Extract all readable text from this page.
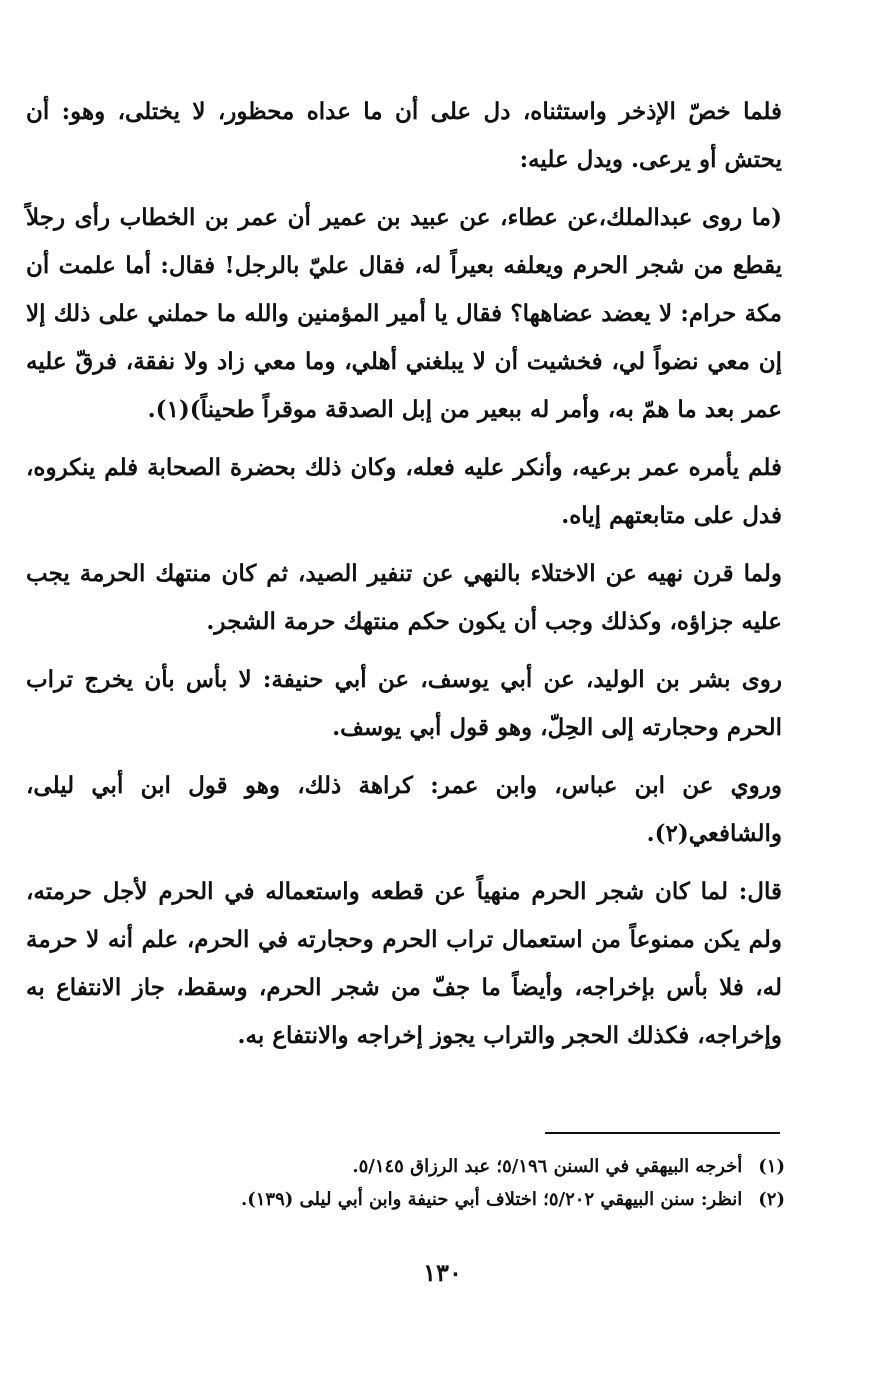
فلما خصّ الإذخر واستثناه، دل على أن ما عداه محظور، لا يختلى، وهو: أن يحتش أو يرعى. ويدل عليه:

(ما روى عبدالملك،عن عطاء، عن عبيد بن عمير أن عمر بن الخطاب رأى رجلاً يقطع من شجر الحرم ويعلفه بعيراً له، فقال عليّ بالرجل! فقال: أما علمت أن مكة حرام: لا يعضد عضاهها؟ فقال يا أمير المؤمنين والله ما حملني على ذلك إلا إن معي نضواً لي، فخشيت أن لا يبلغني أهلي، وما معي زاد ولا نفقة، فرقّ عليه عمر بعد ما همّ به، وأمر له ببعير من إبل الصدقة موقراً طحيناً)(١).

فلم يأمره عمر برعيه، وأنكر عليه فعله، وكان ذلك بحضرة الصحابة فلم ينكروه، فدل على متابعتهم إياه.

ولما قرن نهيه عن الاختلاء بالنهي عن تنفير الصيد، ثم كان منتهك الحرمة يجب عليه جزاؤه، وكذلك وجب أن يكون حكم منتهك حرمة الشجر.

روى بشر بن الوليد، عن أبي يوسف، عن أبي حنيفة: لا بأس بأن يخرج تراب الحرم وحجارته إلى الحِلّ، وهو قول أبي يوسف.

وروي عن ابن عباس، وابن عمر: كراهة ذلك، وهو قول ابن أبي ليلى، والشافعي(٢).

قال: لما كان شجر الحرم منهياً عن قطعه واستعماله في الحرم لأجل حرمته، ولم يكن ممنوعاً من استعمال تراب الحرم وحجارته في الحرم، علم أنه لا حرمة له، فلا بأس بإخراجه، وأيضاً ما جفّ من شجر الحرم، وسقط، جاز الانتفاع به وإخراجه، فكذلك الحجر والتراب يجوز إخراجه والانتفاع به.

(١)
أخرجه البيهقي في السنن ٥/١٩٦؛ عبد الرزاق ٥/١٤٥.
(٢)
انظر: سنن البيهقي ٥/٢٠٢؛ اختلاف أبي حنيفة وابن أبي ليلى (١٣٩).
١٣٠
